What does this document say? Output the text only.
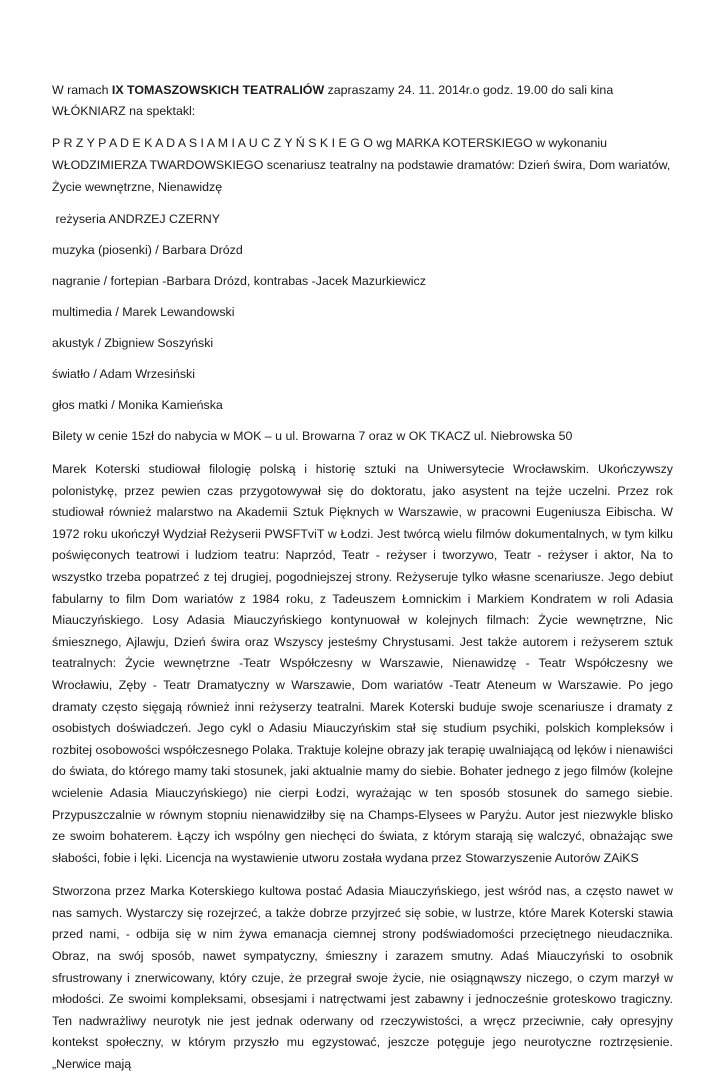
W ramach IX TOMASZOWSKICH TEATRALIÓW zapraszamy 24. 11. 2014r.o godz. 19.00 do sali kina WŁÓKNIARZ na spektakl:

P R Z Y P A D E K A D A S I A M I A U C Z Y Ń S K I E G O wg MARKA KOTERSKIEGO w wykonaniu WŁODZIMIERZA TWARDOWSKIEGO scenariusz teatralny na podstawie dramatów: Dzień świra, Dom wariatów, Życie wewnętrzne, Nienawidzę

reżyseria ANDRZEJ CZERNY

muzyka (piosenki) / Barbara Drózd

nagranie / fortepian -Barbara Drózd, kontrabas -Jacek Mazurkiewicz

multimedia / Marek Lewandowski

akustyk / Zbigniew Soszyński

światło / Adam Wrzesiński

głos matki / Monika Kamieńska

Bilety w cenie 15zł do nabycia w MOK – u ul. Browarna 7 oraz w OK TKACZ ul. Niebrowska 50

Marek Koterski studiował filologię polską i historię sztuki na Uniwersytecie Wrocławskim. Ukończywszy polonistykę, przez pewien czas przygotowywał się do doktoratu, jako asystent na tejże uczelni. Przez rok studiował również malarstwo na Akademii Sztuk Pięknych w Warszawie, w pracowni Eugeniusza Eibischa. W 1972 roku ukończył Wydział Reżyserii PWSFTviT w Łodzi. Jest twórcą wielu filmów dokumentalnych, w tym kilku poświęconych teatrowi i ludziom teatru: Naprzód, Teatr - reżyser i tworzywo, Teatr - reżyser i aktor, Na to wszystko trzeba popatrzeć z tej drugiej, pogodniejszej strony. Reżyseruje tylko własne scenariusze. Jego debiut fabularny to film Dom wariatów z 1984 roku, z Tadeuszem Łomnickim i Markiem Kondratem w roli Adasia Miauczyńskiego. Losy Adasia Miauczyńskiego kontynuował w kolejnych filmach: Życie wewnętrzne, Nic śmiesznego, Ajlawju, Dzień świra oraz Wszyscy jesteśmy Chrystusami. Jest także autorem i reżyserem sztuk teatralnych: Życie wewnętrzne -Teatr Współczesny w Warszawie, Nienawidzę - Teatr Współczesny we Wrocławiu, Zęby - Teatr Dramatyczny w Warszawie, Dom wariatów -Teatr Ateneum w Warszawie. Po jego dramaty często sięgają również inni reżyserzy teatralni. Marek Koterski buduje swoje scenariusze i dramaty z osobistych doświadczeń. Jego cykl o Adasiu Miauczyńskim stał się studium psychiki, polskich kompleksów i rozbitej osobowości współczesnego Polaka. Traktuje kolejne obrazy jak terapię uwalniającą od lęków i nienawiści do świata, do którego mamy taki stosunek, jaki aktualnie mamy do siebie. Bohater jednego z jego filmów (kolejne wcielenie Adasia Miauczyńskiego) nie cierpi Łodzi, wyrażając w ten sposób stosunek do samego siebie. Przypuszczalnie w równym stopniu nienawidziłby się na Champs-Elysees w Paryżu. Autor jest niezwykle blisko ze swoim bohaterem. Łączy ich wspólny gen niechęci do świata, z którym starają się walczyć, obnażając swe słabości, fobie i lęki. Licencja na wystawienie utworu została wydana przez Stowarzyszenie Autorów ZAiKS

Stworzona przez Marka Koterskiego kultowa postać Adasia Miauczyńskiego, jest wśród nas, a często nawet w nas samych. Wystarczy się rozejrzeć, a także dobrze przyjrzeć się sobie, w lustrze, które Marek Koterski stawia przed nami, - odbija się w nim żywa emanacja ciemnej strony podświadomości przeciętnego nieudacznika. Obraz, na swój sposób, nawet sympatyczny, śmieszny i zarazem smutny. Adaś Miauczyński to osobnik sfrustrowany i znerwicowany, który czuje, że przegrał swoje życie, nie osiągnąwszy niczego, o czym marzył w młodości. Ze swoimi kompleksami, obsesjami i natręctwami jest zabawny i jednocześnie groteskowo tragiczny. Ten nadwrażliwy neurotyk nie jest jednak oderwany od rzeczywistości, a wręcz przeciwnie, cały opresyjny kontekst społeczny, w którym przyszło mu egzystować, jeszcze potęguje jego neurotyczne roztrzęsienie. „Nerwice mają
